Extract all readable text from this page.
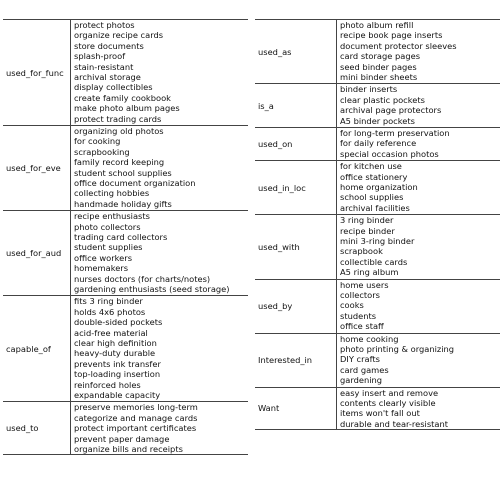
used_for_func
protect photos
organize recipe cards
store documents
splash-proof
stain-resistant
archival storage
display collectibles
create family cookbook
make photo album pages
protect trading cards
used_for_eve
organizing old photos
for cooking
scrapbooking
family record keeping
student school supplies
office document organization
collecting hobbies
handmade holiday gifts
used_for_aud
recipe enthusiasts
photo collectors
trading card collectors
student supplies
office workers
homemakers
nurses doctors (for charts/notes)
gardening enthusiasts (seed storage)
capable_of
fits 3 ring binder
holds 4x6 photos
double-sided pockets
acid-free material
clear high definition
heavy-duty durable
prevents ink transfer
top-loading insertion
reinforced holes
expandable capacity
used_to
preserve memories long-term
categorize and manage cards
protect important certificates
prevent paper damage
organize bills and receipts
used_as
photo album refill
recipe book page inserts
document protector sleeves
card storage pages
seed binder pages
mini binder sheets
is_a
binder inserts
clear plastic pockets
archival page protectors
A5 binder pockets
used_on
for long-term preservation
for daily reference
special occasion photos
used_in_loc
for kitchen use
office stationery
home organization
school supplies
archival facilities
used_with
3 ring binder
recipe binder
mini 3-ring binder
scrapbook
collectible cards
A5 ring album
used_by
home users
collectors
cooks
students
office staff
Interested_in
home cooking
photo printing & organizing
DIY crafts
card games
gardening
Want
easy insert and remove
contents clearly visible
items won't fall out
durable and tear-resistant
